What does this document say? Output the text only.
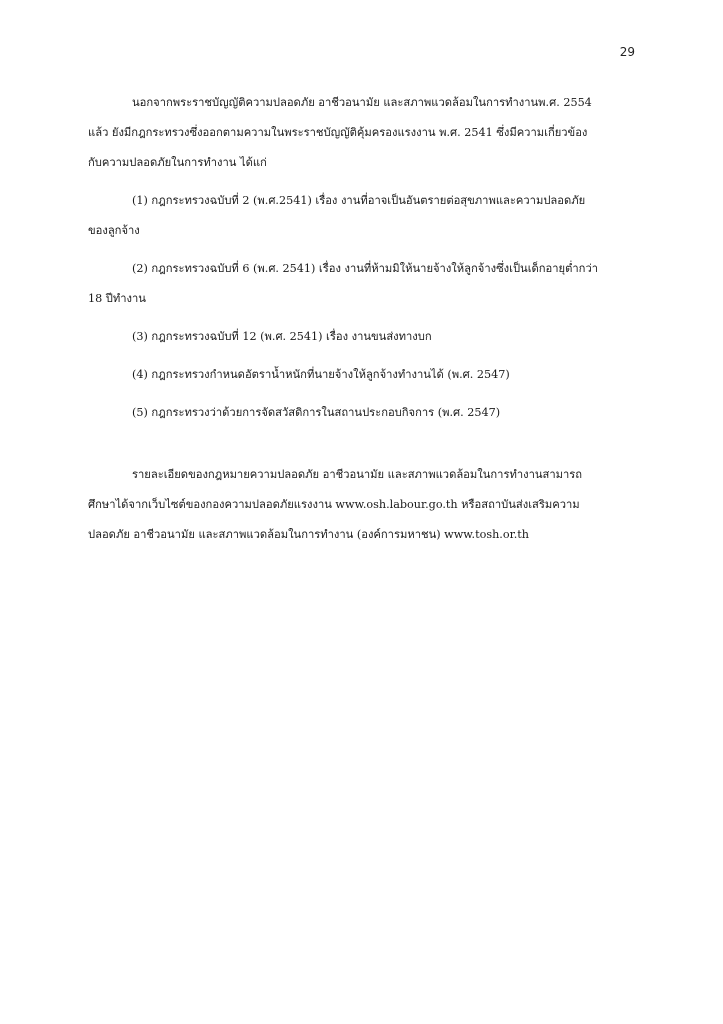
29

นอกจากพระราชบัญญัติความปลอดภัย อาชีวอนามัย และสภาพแวดล้อมในการทำงานพ.ศ. 2554
แล้ว ยังมีกฎกระทรวงซึ่งออกตามความในพระราชบัญญัติคุ้มครองแรงงาน พ.ศ. 2541 ซึ่งมีความเกี่ยวข้อง
กับความปลอดภัยในการทำงาน ได้แก่

(1) กฎกระทรวงฉบับที่ 2 (พ.ศ.2541) เรื่อง งานที่อาจเป็นอันตรายต่อสุขภาพและความปลอดภัย
ของลูกจ้าง

(2) กฎกระทรวงฉบับที่ 6 (พ.ศ. 2541) เรื่อง งานที่ห้ามมิให้นายจ้างให้ลูกจ้างซึ่งเป็นเด็กอายุต่ำกว่า
18 ปีทำงาน

(3) กฎกระทรวงฉบับที่ 12 (พ.ศ. 2541) เรื่อง งานขนส่งทางบก

(4) กฎกระทรวงกำหนดอัตราน้ำหนักที่นายจ้างให้ลูกจ้างทำงานได้ (พ.ศ. 2547)

(5) กฎกระทรวงว่าด้วยการจัดสวัสดิการในสถานประกอบกิจการ (พ.ศ. 2547)

รายละเอียดของกฎหมายความปลอดภัย อาชีวอนามัย และสภาพแวดล้อมในการทำงานสามารถ
ศึกษาได้จากเว็บไซต์ของกองความปลอดภัยแรงงาน www.osh.labour.go.th หรือสถาบันส่งเสริมความ
ปลอดภัย อาชีวอนามัย และสภาพแวดล้อมในการทำงาน (องค์การมหาชน) www.tosh.or.th
